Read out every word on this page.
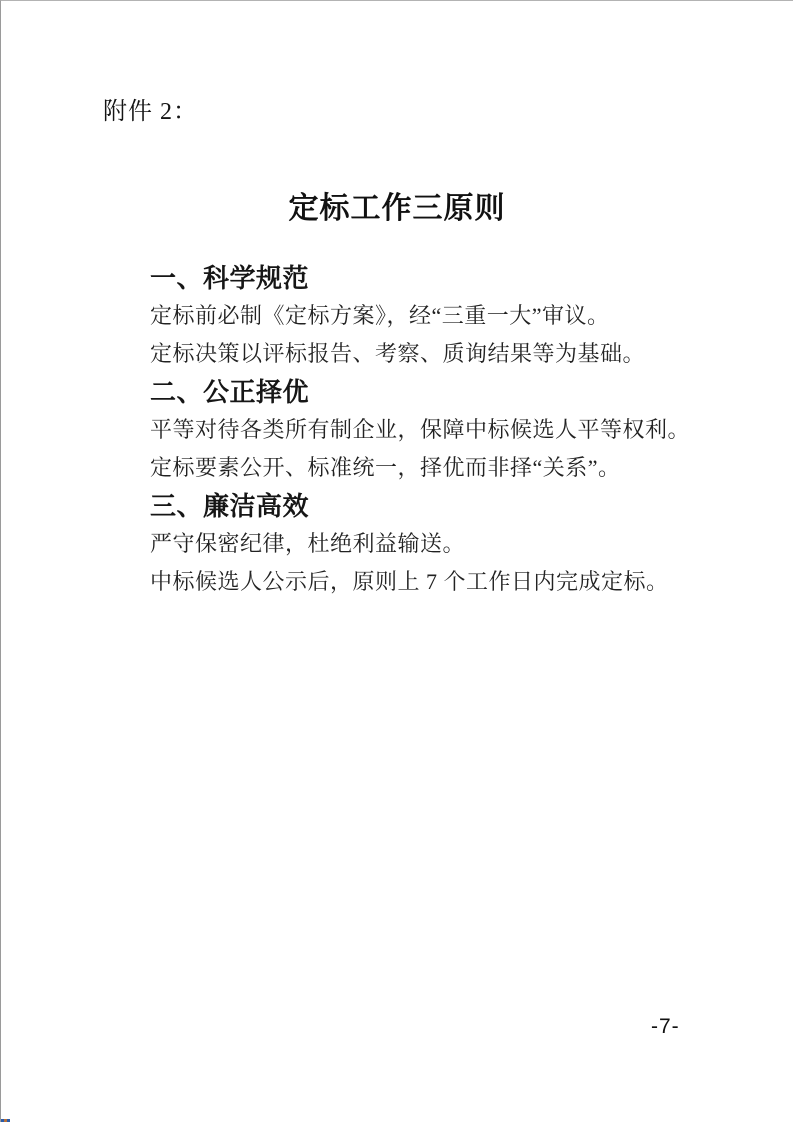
附件 2：
定标工作三原则
一、科学规范

定标前必制《定标方案》，经“三重一大”审议。

定标决策以评标报告、考察、质询结果等为基础。

二、公正择优

平等对待各类所有制企业，保障中标候选人平等权利。

定标要素公开、标准统一，择优而非择“关系”。

三、廉洁高效

严守保密纪律，杜绝利益输送。

中标候选人公示后，原则上 7 个工作日内完成定标。

-7-
